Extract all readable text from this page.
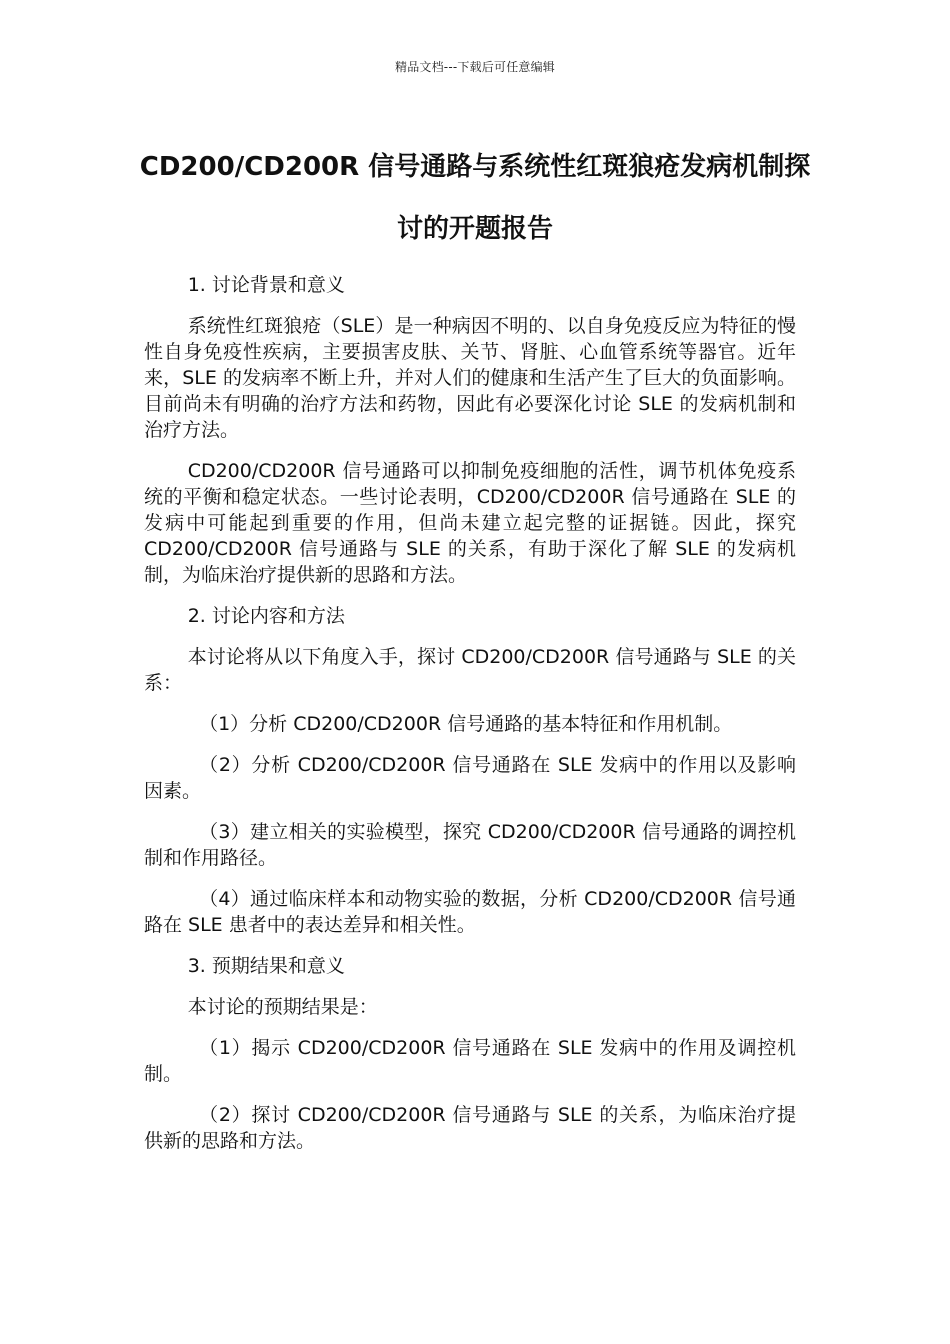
精品文档---下载后可任意编辑
CD200/CD200R 信号通路与系统性红斑狼疮发病机制探讨的开题报告
1. 讨论背景和意义

系统性红斑狼疮（SLE）是一种病因不明的、以自身免疫反应为特征的慢性自身免疫性疾病，主要损害皮肤、关节、肾脏、心血管系统等器官。近年来，SLE 的发病率不断上升，并对人们的健康和生活产生了巨大的负面影响。目前尚未有明确的治疗方法和药物，因此有必要深化讨论 SLE 的发病机制和治疗方法。

CD200/CD200R 信号通路可以抑制免疫细胞的活性，调节机体免疫系统的平衡和稳定状态。一些讨论表明，CD200/CD200R 信号通路在 SLE 的发病中可能起到重要的作用，但尚未建立起完整的证据链。因此，探究 CD200/CD200R 信号通路与 SLE 的关系，有助于深化了解 SLE 的发病机制，为临床治疗提供新的思路和方法。

2. 讨论内容和方法

本讨论将从以下角度入手，探讨 CD200/CD200R 信号通路与 SLE 的关系：

（1）分析 CD200/CD200R 信号通路的基本特征和作用机制。

（2）分析 CD200/CD200R 信号通路在 SLE 发病中的作用以及影响因素。

（3）建立相关的实验模型，探究 CD200/CD200R 信号通路的调控机制和作用路径。

（4）通过临床样本和动物实验的数据，分析 CD200/CD200R 信号通路在 SLE 患者中的表达差异和相关性。

3. 预期结果和意义

本讨论的预期结果是：

（1）揭示 CD200/CD200R 信号通路在 SLE 发病中的作用及调控机制。

（2）探讨 CD200/CD200R 信号通路与 SLE 的关系，为临床治疗提供新的思路和方法。
